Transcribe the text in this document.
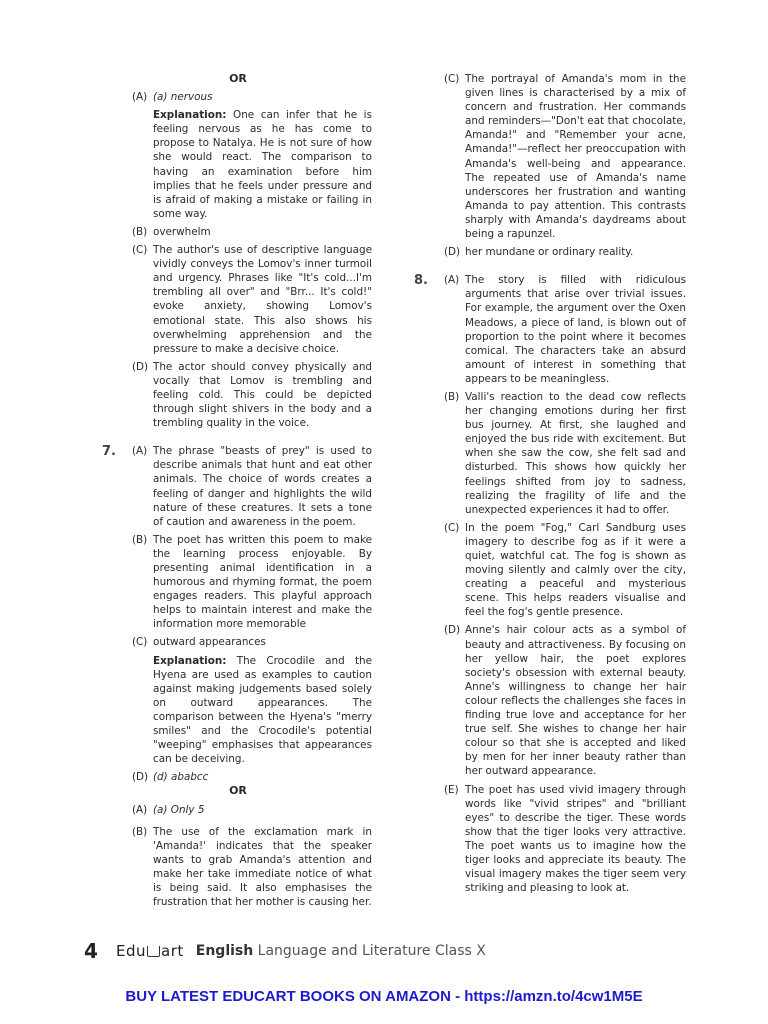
OR
(A) (a) nervous
Explanation: One can infer that he is feeling nervous as he has come to propose to Natalya. He is not sure of how she would react. The comparison to having an examination before him implies that he feels under pressure and is afraid of making a mistake or failing in some way.
(B) overwhelm
(C) The author's use of descriptive language vividly conveys the Lomov's inner turmoil and urgency. Phrases like "It's cold...I'm trembling all over" and "Brr... It's cold!" evoke anxiety, showing Lomov's emotional state. This also shows his overwhelming apprehension and the pressure to make a decisive choice.
(D) The actor should convey physically and vocally that Lomov is trembling and feeling cold. This could be depicted through slight shivers in the body and a trembling quality in the voice.
7. (A) The phrase "beasts of prey" is used to describe animals that hunt and eat other animals. The choice of words creates a feeling of danger and highlights the wild nature of these creatures. It sets a tone of caution and awareness in the poem.
(B) The poet has written this poem to make the learning process enjoyable. By presenting animal identification in a humorous and rhyming format, the poem engages readers. This playful approach helps to maintain interest and make the information more memorable
(C) outward appearances
Explanation: The Crocodile and the Hyena are used as examples to caution against making judgements based solely on outward appearances. The comparison between the Hyena's "merry smiles" and the Crocodile's potential "weeping" emphasises that appearances can be deceiving.
(D) (d) ababcc
OR
(A) (a) Only 5
(B) The use of the exclamation mark in 'Amanda!' indicates that the speaker wants to grab Amanda's attention and make her take immediate notice of what is being said. It also emphasises the frustration that her mother is causing her.
(C) The portrayal of Amanda's mom in the given lines is characterised by a mix of concern and frustration. Her commands and reminders—"Don't eat that chocolate, Amanda!" and "Remember your acne, Amanda!"—reflect her preoccupation with Amanda's well-being and appearance. The repeated use of Amanda's name underscores her frustration and wanting Amanda to pay attention. This contrasts sharply with Amanda's daydreams about being a rapunzel.
(D) her mundane or ordinary reality.
8. (A) The story is filled with ridiculous arguments that arise over trivial issues. For example, the argument over the Oxen Meadows, a piece of land, is blown out of proportion to the point where it becomes comical. The characters take an absurd amount of interest in something that appears to be meaningless.
(B) Valli's reaction to the dead cow reflects her changing emotions during her first bus journey. At first, she laughed and enjoyed the bus ride with excitement. But when she saw the cow, she felt sad and disturbed. This shows how quickly her feelings shifted from joy to sadness, realizing the fragility of life and the unexpected experiences it had to offer.
(C) In the poem "Fog," Carl Sandburg uses imagery to describe fog as if it were a quiet, watchful cat. The fog is shown as moving silently and calmly over the city, creating a peaceful and mysterious scene. This helps readers visualise and feel the fog's gentle presence.
(D) Anne's hair colour acts as a symbol of beauty and attractiveness. By focusing on her yellow hair, the poet explores society's obsession with external beauty. Anne's willingness to change her hair colour reflects the challenges she faces in finding true love and acceptance for her true self. She wishes to change her hair colour so that she is accepted and liked by men for her inner beauty rather than her outward appearance.
(E) The poet has used vivid imagery through words like "vivid stripes" and "brilliant eyes" to describe the tiger. These words show that the tiger looks very attractive. The poet wants us to imagine how the tiger looks and appreciate its beauty. The visual imagery makes the tiger seem very striking and pleasing to look at.
4	Edu art English Language and Literature Class X
BUY LATEST EDUCART BOOKS ON AMAZON - https://amzn.to/4cw1M5E
